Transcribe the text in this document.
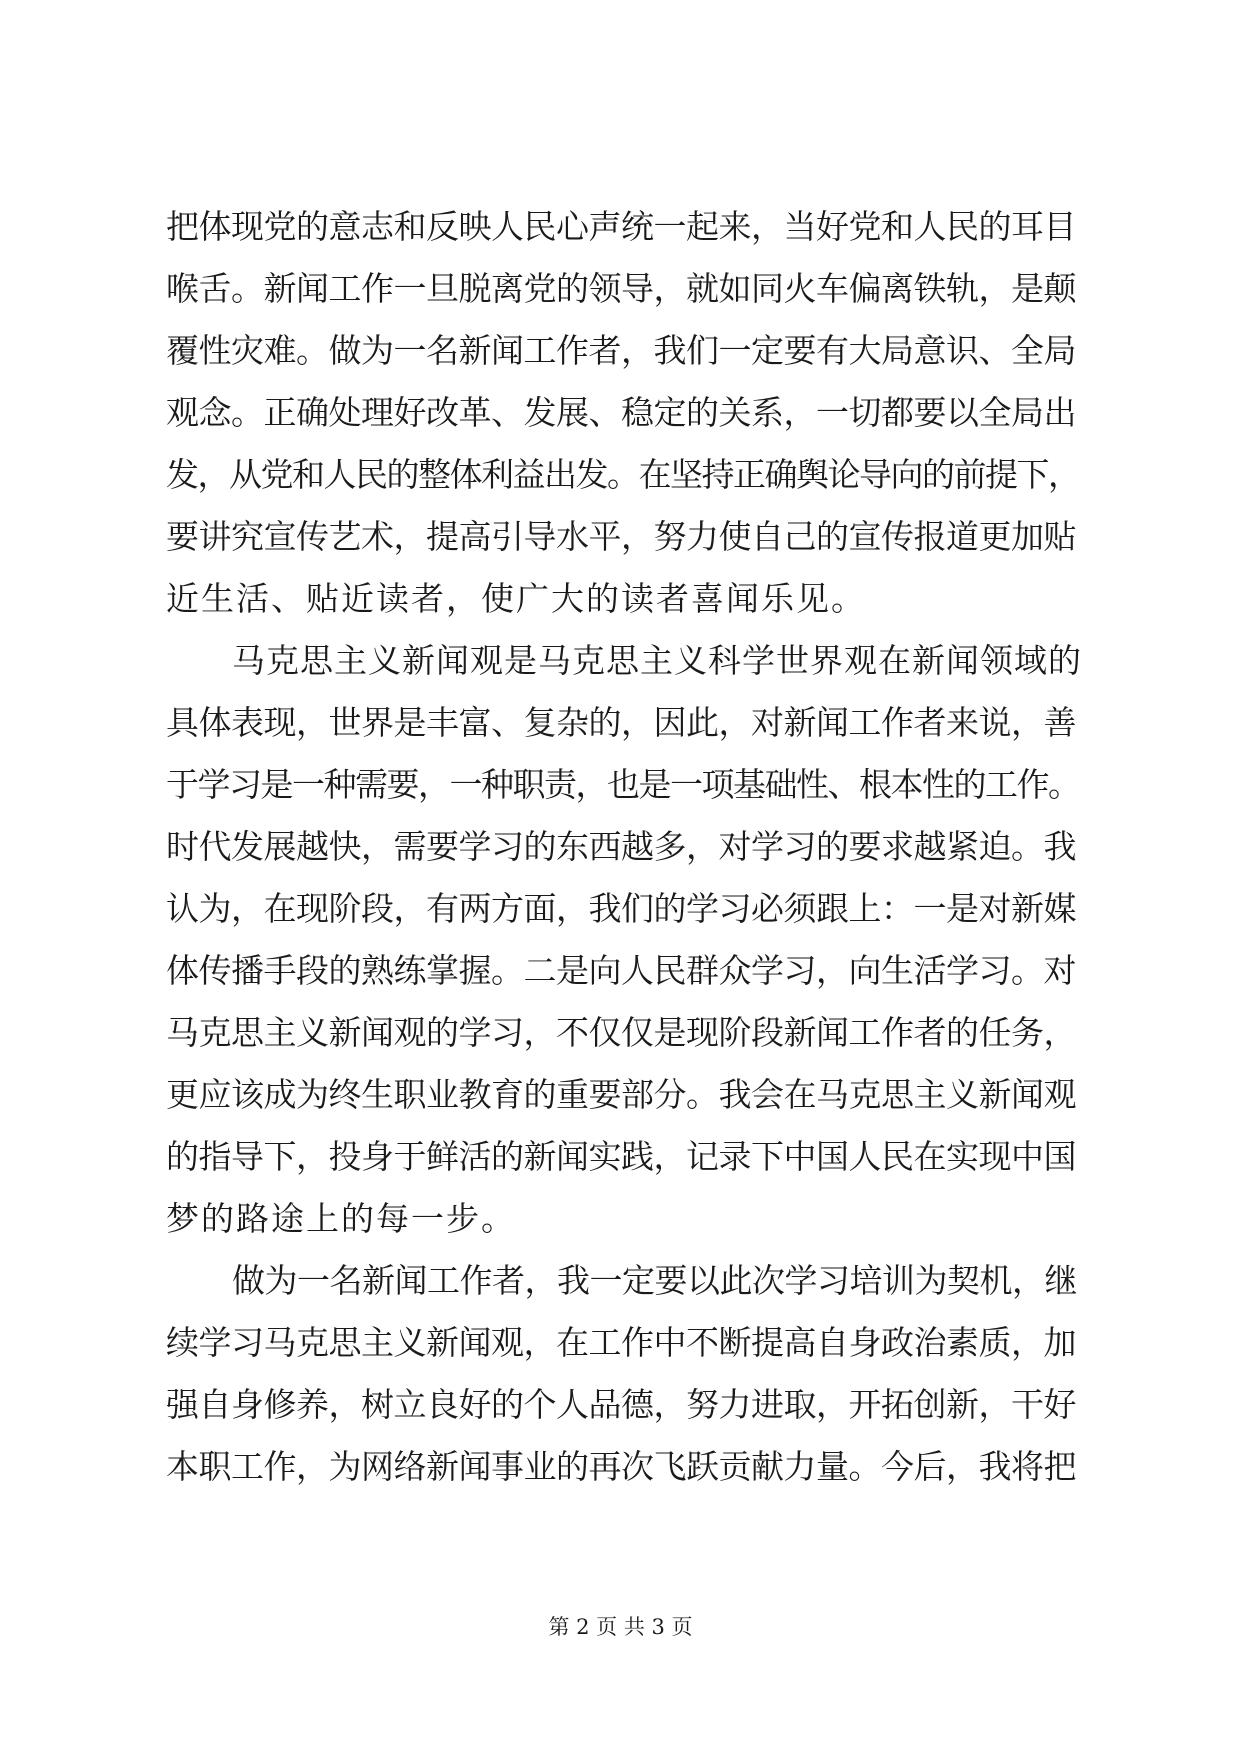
把体现党的意志和反映人民心声统一起来，当好党和人民的耳目
喉舌。新闻工作一旦脱离党的领导，就如同火车偏离铁轨，是颠
覆性灾难。做为一名新闻工作者，我们一定要有大局意识、全局
观念。正确处理好改革、发展、稳定的关系，一切都要以全局出
发，从党和人民的整体利益出发。在坚持正确舆论导向的前提下，
要讲究宣传艺术，提高引导水平，努力使自己的宣传报道更加贴
近生活、贴近读者，使广大的读者喜闻乐见。
马克思主义新闻观是马克思主义科学世界观在新闻领域的
具体表现，世界是丰富、复杂的，因此，对新闻工作者来说，善
于学习是一种需要，一种职责，也是一项基础性、根本性的工作。
时代发展越快，需要学习的东西越多，对学习的要求越紧迫。我
认为，在现阶段，有两方面，我们的学习必须跟上：一是对新媒
体传播手段的熟练掌握。二是向人民群众学习，向生活学习。对
马克思主义新闻观的学习，不仅仅是现阶段新闻工作者的任务，
更应该成为终生职业教育的重要部分。我会在马克思主义新闻观
的指导下，投身于鲜活的新闻实践，记录下中国人民在实现中国
梦的路途上的每一步。
做为一名新闻工作者，我一定要以此次学习培训为契机，继
续学习马克思主义新闻观，在工作中不断提高自身政治素质，加
强自身修养，树立良好的个人品德，努力进取，开拓创新，干好
本职工作，为网络新闻事业的再次飞跃贡献力量。今后，我将把
第 2 页 共 3 页
